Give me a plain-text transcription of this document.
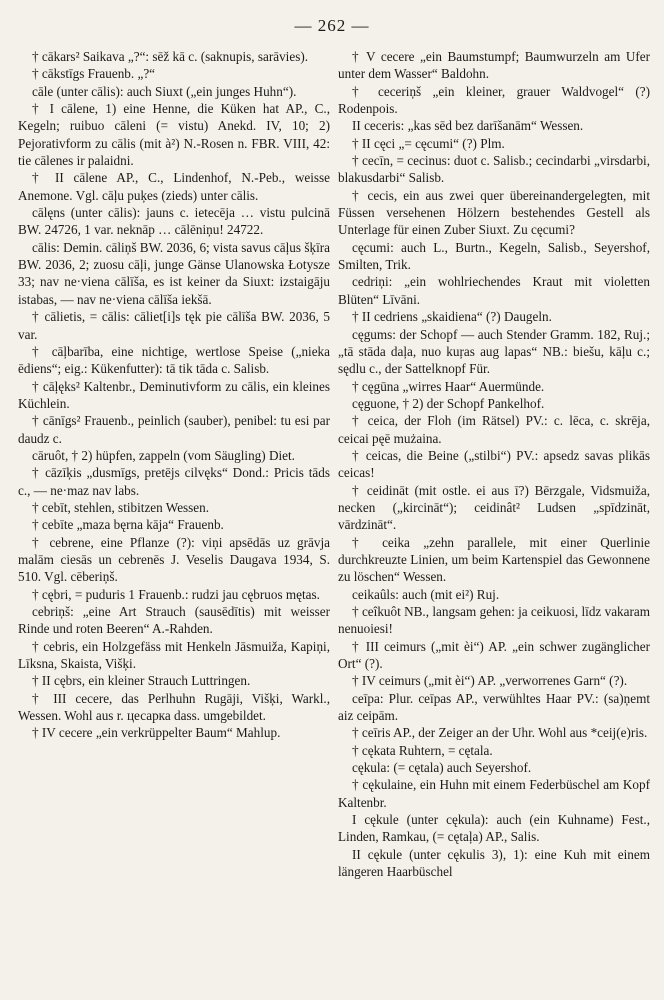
— 262 —

† cākars² Saikava „?“: sēž kā c. (saknupis, sarāvies).

† cākstīgs Frauenb. „?“

cāle (unter cālis): auch Siuxt („ein junges Huhn“).

† I cālene, 1) eine Henne, die Küken hat AP., C., Kegeln; ruibuo cāleni (= vistu) Anekd. IV, 10; 2) Pejorativform zu cālis (mit à²) N.-Rosen n. FBR. VIII, 42: tie cālenes ir palaidni.

† II cālene AP., C., Lindenhof, N.-Peb., weisse Anemone. Vgl. cāļu puķes (zieds) unter cālis.

cālęns (unter cālis): jauns c. ietecēja … vistu pulcinā BW. 24726, 1 var. neknāp … cālēniņu! 24722.

cālis: Demin. cāliņš BW. 2036, 6; vista savus cāļus šķīra BW. 2036, 2; zuosu cāļi, junge Gänse Ulanowska Łotysze 33; nav ne·viena cālīša, es ist keiner da Siuxt: izstaigāju istabas, — nav ne·viena cālīša iekšā.

† cālietis, = cālis: cāliet[i]s tęk pie cālīša BW. 2036, 5 var.

† cāļbarība, eine nichtige, wertlose Speise („nieka ēdiens“; eig.: Kükenfutter): tā tik tāda c. Salisb.

† cāļęks² Kaltenbr., Deminutivform zu cālis, ein kleines Küchlein.

† cānīgs² Frauenb., peinlich (sauber), penibel: tu esi par daudz c.

cāruôt, † 2) hüpfen, zappeln (vom Säugling) Diet.

† cāzīķis „dusmīgs, pretējs cilvęks“ Dond.: Pricis tāds c., — ne·maz nav labs.

† cebīt, stehlen, stibitzen Wessen.

† cebīte „maza bęrna kāja“ Frauenb.

† cebrene, eine Pflanze (?): viņi apsēdās uz grāvja malām ciesās un cebrenēs J. Veselis Daugava 1934, S. 510. Vgl. cēberiņš.

† cębri, = puduris 1 Frauenb.: rudzi jau cębruos mętas.

cebriņš: „eine Art Strauch (sausēdītis) mit weisser Rinde und roten Beeren“ A.-Rahden.

† cebris, ein Holzgefäss mit Henkeln Jāsmuiža, Kapiņi, Līksna, Skaista, Višķi.

† II cębrs, ein kleiner Strauch Luttringen.

† III cecere, das Perlhuhn Rugāji, Višķi, Warkl., Wessen. Wohl aus r. цесарка dass. umgebildet.

† IV cecere „ein verkrüppelter Baum“ Mahlup.

† V cecere „ein Baumstumpf; Baumwurzeln am Ufer unter dem Wasser“ Baldohn.

† ceceriņš „ein kleiner, grauer Waldvogel“ (?) Rodenpois.

II ceceris: „kas sēd bez darīšanām“ Wessen.

† II cęci „= cęcumi“ (?) Plm.

† cecīn, = cecinus: duot c. Salisb.; cecindarbi „virsdarbi, blakusdarbi“ Salisb.

† cecis, ein aus zwei quer übereinandergelegten, mit Füssen versehenen Hölzern bestehendes Gestell als Unterlage für einen Zuber Siuxt. Zu cęcumi?

cęcumi: auch L., Burtn., Kegeln, Salisb., Seyershof, Smilten, Trik.

cedriņi: „ein wohlriechendes Kraut mit violetten Blüten“ Līvāni.

† II cedriens „skaidiena“ (?) Daugeln.

cęgums: der Schopf — auch Stender Gramm. 182, Ruj.; „tā stāda daļa, nuo kuŗas aug lapas“ NB.: biešu, kāļu c.; sędlu c., der Sattelknopf Für.

† cęgūna „wirres Haar“ Auermünde.

cęguone, † 2) der Schopf Pankelhof.

† ceica, der Floh (im Rätsel) PV.: c. lēca, c. skrēja, ceicai pęē mużaina.

† ceicas, die Beine („stilbi“) PV.: apsedz savas plikās ceicas!

† ceidināt (mit ostle. ei aus ī?) Bērzgale, Vidsmuiža, necken („kircināt“); ceidinât² Ludsen „spīdzināt, vārdzināt“.

† ceika „zehn parallele, mit einer Querlinie durchkreuzte Linien, um beim Kartenspiel das Gewonnene zu löschen“ Wessen.

ceikaûls: auch (mit ei²) Ruj.

† ceîkuôt NB., langsam gehen: ja ceikuosi, līdz vakaram nenuoiesi!

† III ceimurs („mit èi“) AP. „ein schwer zugänglicher Ort“ (?).

† IV ceimurs („mit èi“) AP. „verworrenes Garn“ (?).

ceīpa: Plur. ceīpas AP., verwühltes Haar PV.: (sa)ņemt aiz ceipām.

† ceīris AP., der Zeiger an der Uhr. Wohl aus *ceij(e)ris.

† cękata Ruhtern, = cętala.

cękula: (= cętala) auch Seyershof.

† cękulaine, ein Huhn mit einem Federbüschel am Kopf Kaltenbr.

I cękule (unter cękula): auch (ein Kuhname) Fest., Linden, Ramkau, (= cętaļa) AP., Salis.

II cękule (unter cękulis 3), 1): eine Kuh mit einem längeren Haarbüschel
